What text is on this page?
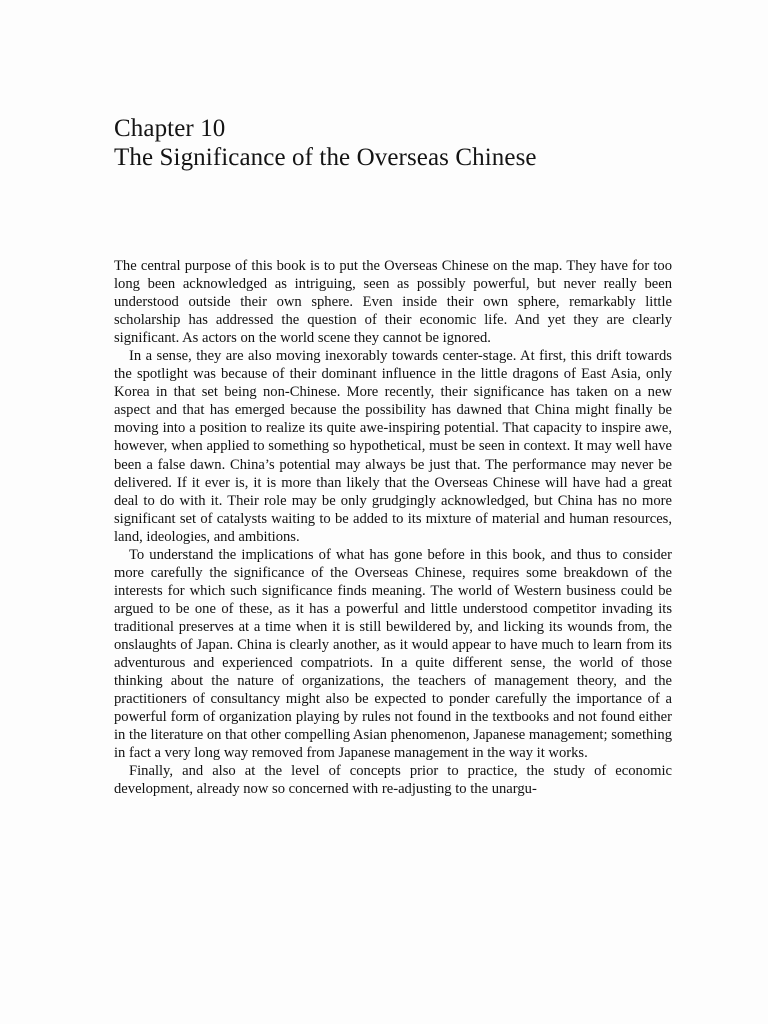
Chapter 10
The Significance of the Overseas Chinese

The central purpose of this book is to put the Overseas Chinese on the map. They have for too long been acknowledged as intriguing, seen as possibly powerful, but never really been understood outside their own sphere. Even inside their own sphere, remarkably little scholarship has addressed the question of their economic life. And yet they are clearly significant. As actors on the world scene they cannot be ignored.

In a sense, they are also moving inexorably towards center-stage. At first, this drift towards the spotlight was because of their dominant influence in the little dragons of East Asia, only Korea in that set being non-Chinese. More recently, their significance has taken on a new aspect and that has emerged because the possibility has dawned that China might finally be moving into a position to realize its quite awe-inspiring potential. That capacity to inspire awe, however, when applied to something so hypothetical, must be seen in context. It may well have been a false dawn. China’s potential may always be just that. The performance may never be delivered. If it ever is, it is more than likely that the Overseas Chinese will have had a great deal to do with it. Their role may be only grudgingly acknowledged, but China has no more significant set of catalysts waiting to be added to its mixture of material and human resources, land, ideologies, and ambitions.

To understand the implications of what has gone before in this book, and thus to consider more carefully the significance of the Overseas Chinese, requires some breakdown of the interests for which such significance finds meaning. The world of Western business could be argued to be one of these, as it has a powerful and little understood competitor invading its traditional preserves at a time when it is still bewildered by, and licking its wounds from, the onslaughts of Japan. China is clearly another, as it would appear to have much to learn from its adventurous and experienced compatriots. In a quite different sense, the world of those thinking about the nature of organizations, the teachers of management theory, and the practitioners of consultancy might also be expected to ponder carefully the importance of a powerful form of organization playing by rules not found in the textbooks and not found either in the literature on that other compelling Asian phenomenon, Japanese management; something in fact a very long way removed from Japanese management in the way it works.

Finally, and also at the level of concepts prior to practice, the study of economic development, already now so concerned with re-adjusting to the unargu-
